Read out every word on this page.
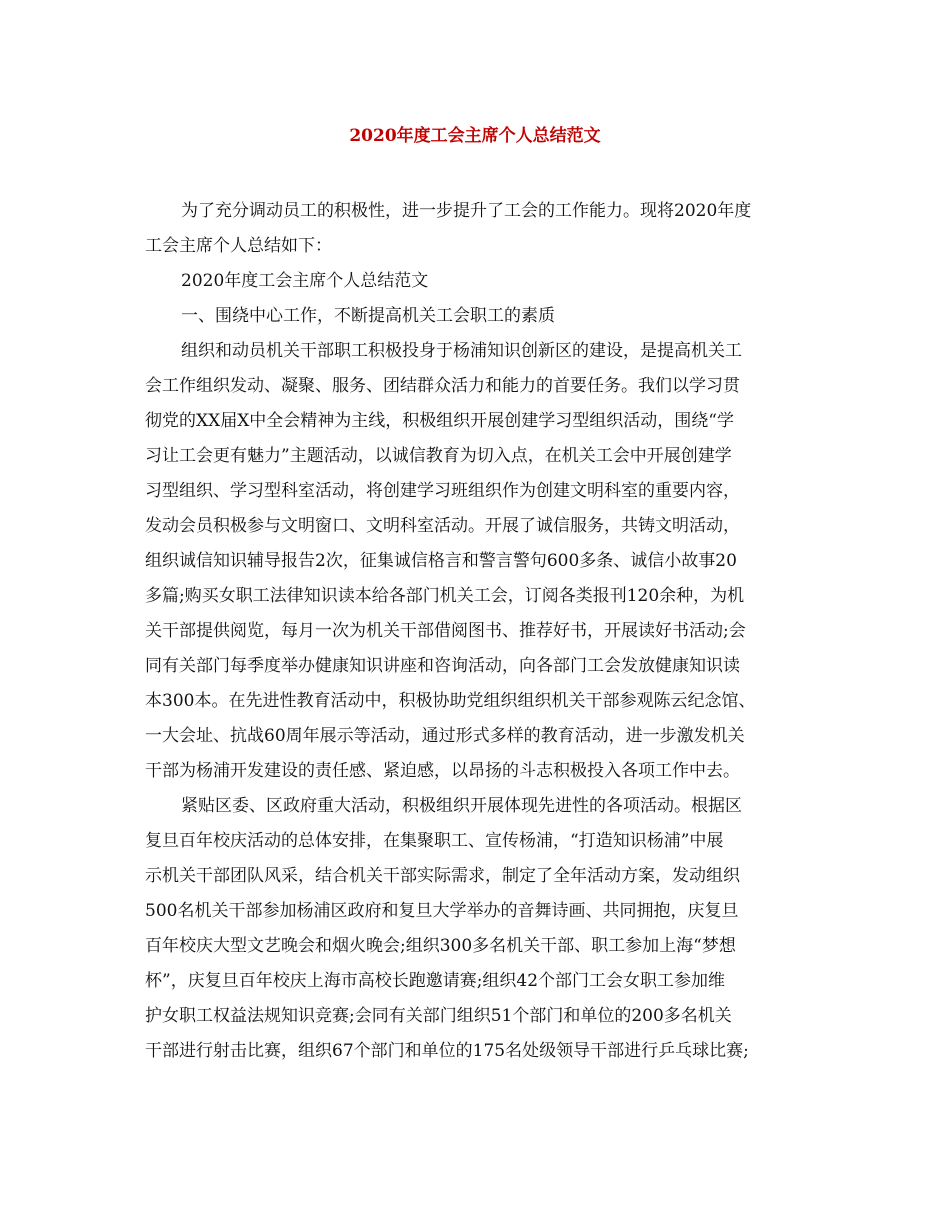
2020年度工会主席个人总结范文
为了充分调动员工的积极性，进一步提升了工会的工作能力。现将2020年度
工会主席个人总结如下：
2020年度工会主席个人总结范文
一、围绕中心工作，不断提高机关工会职工的素质
组织和动员机关干部职工积极投身于杨浦知识创新区的建设，是提高机关工
会工作组织发动、凝聚、服务、团结群众活力和能力的首要任务。我们以学习贯
彻党的XX届X中全会精神为主线，积极组织开展创建学习型组织活动，围绕“学
习让工会更有魅力”主题活动，以诚信教育为切入点，在机关工会中开展创建学
习型组织、学习型科室活动，将创建学习班组织作为创建文明科室的重要内容，
发动会员积极参与文明窗口、文明科室活动。开展了诚信服务，共铸文明活动，
组织诚信知识辅导报告2次，征集诚信格言和警言警句600多条、诚信小故事20
多篇;购买女职工法律知识读本给各部门机关工会，订阅各类报刊120余种，为机
关干部提供阅览，每月一次为机关干部借阅图书、推荐好书，开展读好书活动;会
同有关部门每季度举办健康知识讲座和咨询活动，向各部门工会发放健康知识读
本300本。在先进性教育活动中，积极协助党组织组织机关干部参观陈云纪念馆、
一大会址、抗战60周年展示等活动，通过形式多样的教育活动，进一步激发机关
干部为杨浦开发建设的责任感、紧迫感，以昂扬的斗志积极投入各项工作中去。
紧贴区委、区政府重大活动，积极组织开展体现先进性的各项活动。根据区
复旦百年校庆活动的总体安排，在集聚职工、宣传杨浦，“打造知识杨浦”中展
示机关干部团队风采，结合机关干部实际需求，制定了全年活动方案，发动组织
500名机关干部参加杨浦区政府和复旦大学举办的音舞诗画、共同拥抱，庆复旦
百年校庆大型文艺晚会和烟火晚会;组织300多名机关干部、职工参加上海“梦想
杯”，庆复旦百年校庆上海市高校长跑邀请赛;组织42个部门工会女职工参加维
护女职工权益法规知识竞赛;会同有关部门组织51个部门和单位的200多名机关
干部进行射击比赛，组织67个部门和单位的175名处级领导干部进行乒乓球比赛;
